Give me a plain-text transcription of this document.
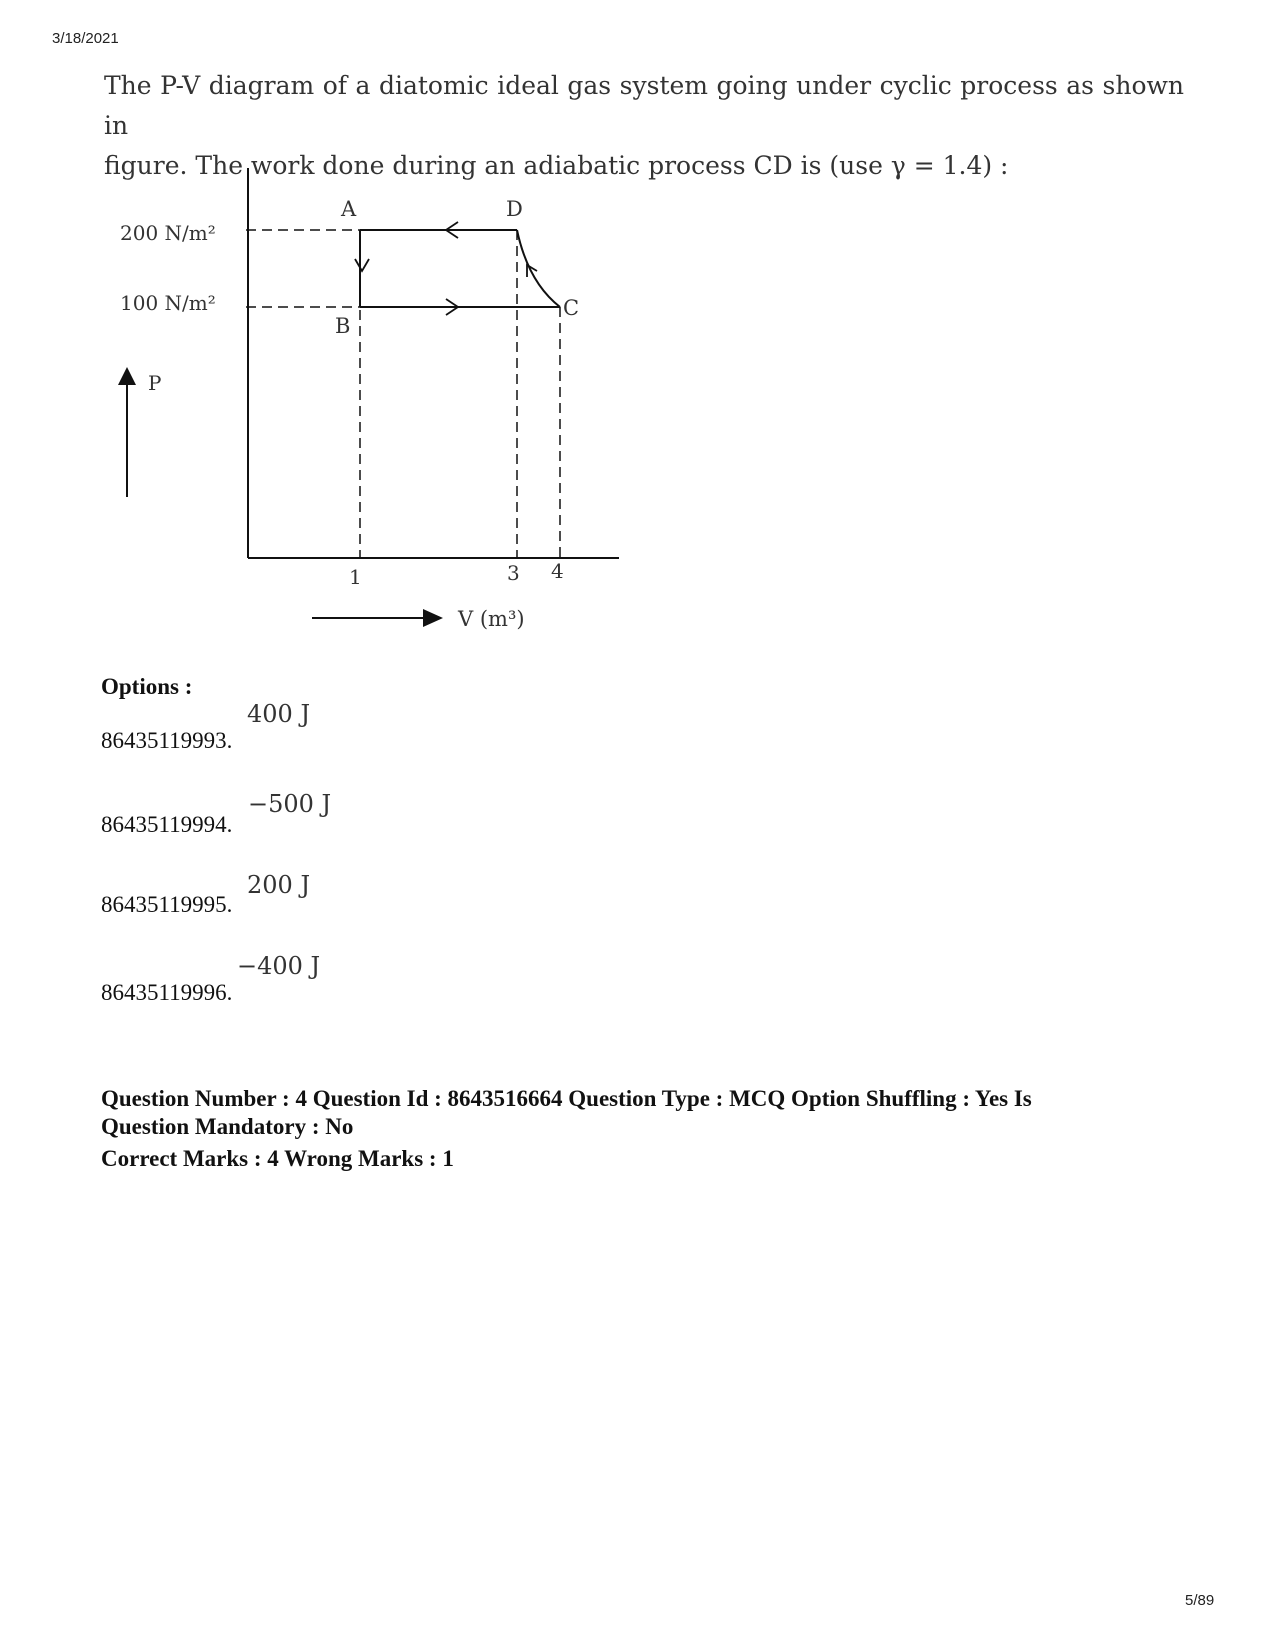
3/18/2021
The P-V diagram of a diatomic ideal gas system going under cyclic process as shown in
figure. The work done during an adiabatic process CD is (use γ = 1.4) :
200 N/m²
100 N/m²
A	D
B
C
1	3 4
P
V (m³)
Options :
86435119993.
400 J
86435119994.
−500 J
86435119995.
200 J
86435119996.
−400 J
Question Number : 4 Question Id : 8643516664 Question Type : MCQ Option Shuffling : Yes Is
Question Mandatory : No
Correct Marks : 4 Wrong Marks : 1
5/89
